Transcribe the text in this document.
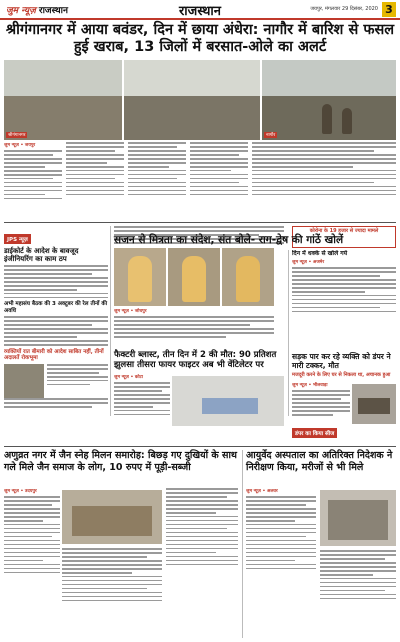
जुम न्यूज़ राजस्थान	राजस्थान	जयपुर, मंगलवार 29 दिसंबर, 2020 3
श्रीगंगानगर में आया बवंडर, दिन में छाया अंधेरा: नागौर में बारिश से फसल हुई खराब, 13 जिलों में बरसात-ओले का अलर्ट
श्रीगंगानगर	नागौर
जुम न्यूज़ • जयपुर
JPS न्यूज़
डाईकोर्ट के आदेश के बावजूद इंजीनियरिंग का काम ठप
अभी महासंघ बैठक की 3 अक्टूबर की रेल तीनों की अवधि
व्यक्तियों रात बीमारी को आदेश साबित नहीं, तीनों अदालतें रोकभूमा
कोरोना के 19 हजार से ज्यादा मामले
सजन से मित्रता का संदेश, संत बोले- राग-द्वेष की गांठें खोलें
जुम न्यूज़ • जोधपुर
दिन में धक्के से खोले गये
जुम न्यूज़ • अजमेर
फैक्टरी ब्लास्ट, तीन दिन में 2 की मौत: 90 प्रतिशत झुलसा तीसरा फायर फाइटर अब भी वेंटिलेटर पर
जुम न्यूज़ • कोटा
सड़क पार कर रहे व्यक्ति को डंपर ने मारी टक्कर, मौत
मजदूरी करने के लिए घर से निकला था, अचानक हुआ
जुम न्यूज़ • भीलवाड़ा
डंपर का किया सीज
अणुव्रत नगर में जैन स्नेह मिलन समारोह: बिछड़ गए दुखियों के साथ गले मिले जैन समाज के लोग, 10 रुपए में पूड़ी-सब्जी
जुम न्यूज़ • उदयपुर
आयुर्वेद अस्पताल का अतिरिक्त निदेशक ने निरीक्षण किया, मरीजों से भी मिले
जुम न्यूज़ • अलवर
